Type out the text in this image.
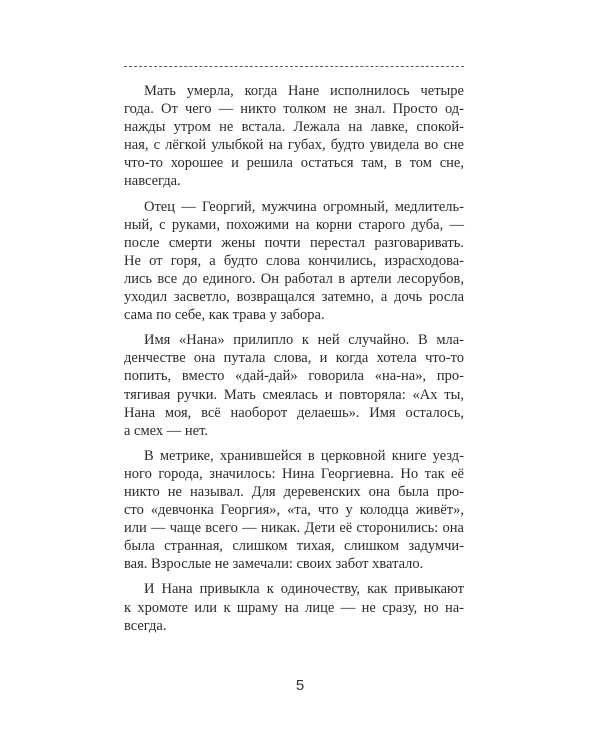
Мать умерла, когда Нане исполнилось четыре
года. От чего — никто толком не знал. Просто од-
нажды утром не встала. Лежала на лавке, спокой-
ная, с лёгкой улыбкой на губах, будто увидела во сне
что-то хорошее и решила остаться там, в том сне,
навсегда.
Отец — Георгий, мужчина огромный, медлитель-
ный, с руками, похожими на корни старого дуба, —
после смерти жены почти перестал разговаривать.
Не от горя, а будто слова кончились, израсходова-
лись все до единого. Он работал в артели лесорубов,
уходил засветло, возвращался затемно, а дочь росла
сама по себе, как трава у забора.
Имя «Нана» прилипло к ней случайно. В мла-
денчестве она путала слова, и когда хотела что-то
попить, вместо «дай-дай» говорила «на-на», про-
тягивая ручки. Мать смеялась и повторяла: «Ах ты,
Нана моя, всё наоборот делаешь». Имя осталось,
а смех — нет.
В метрике, хранившейся в церковной книге уезд-
ного города, значилось: Нина Георгиевна. Но так её
никто не называл. Для деревенских она была про-
сто «девчонка Георгия», «та, что у колодца живёт»,
или — чаще всего — никак. Дети её сторонились: она
была странная, слишком тихая, слишком задумчи-
вая. Взрослые не замечали: своих забот хватало.
И Нана привыкла к одиночеству, как привыкают
к хромоте или к шраму на лице — не сразу, но на-
всегда.
5
